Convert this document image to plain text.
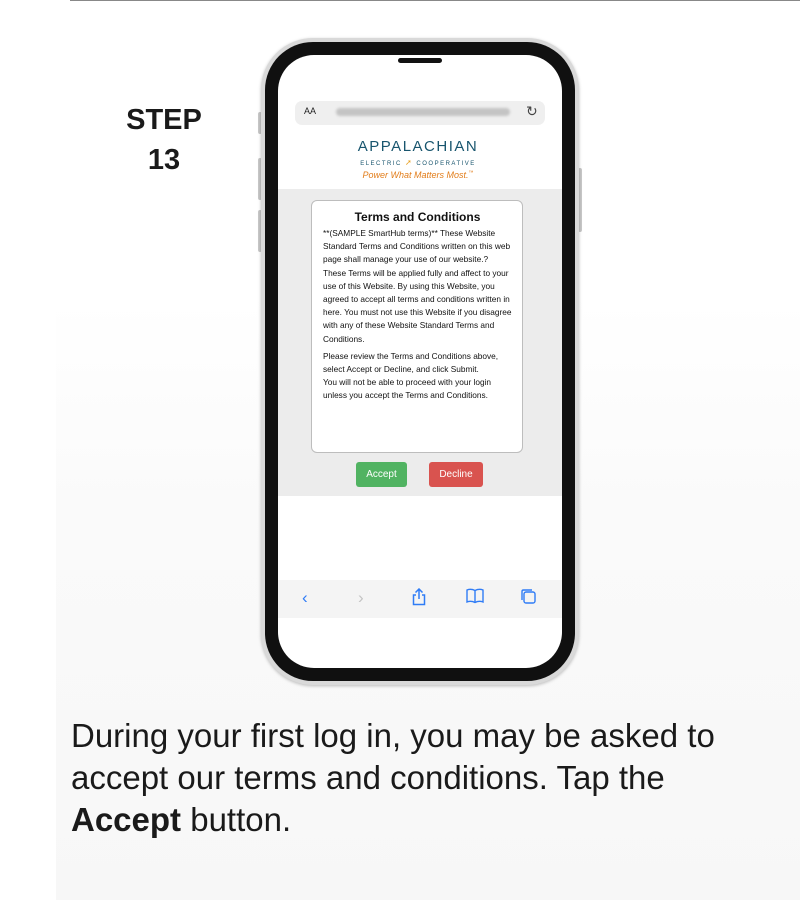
STEP
13
AA	↻
APPALACHIAN
ELECTRIC ➚ COOPERATIVE
Power What Matters Most.™
Terms and Conditions

**(SAMPLE SmartHub terms)** These Website Standard Terms and Conditions written on this web page shall manage your use of our website.? These Terms will be applied fully and affect to your use of this Website. By using this Website, you agreed to accept all terms and conditions written in here. You must not use this Website if you disagree with any of these Website Standard Terms and Conditions.

Please review the Terms and Conditions above, select Accept or Decline, and click Submit.

You will not be able to proceed with your login unless you accept the Terms and Conditions.

Accept	Decline
‹	›
During your first log in, you may be asked to accept our terms and conditions. Tap the Accept button.
